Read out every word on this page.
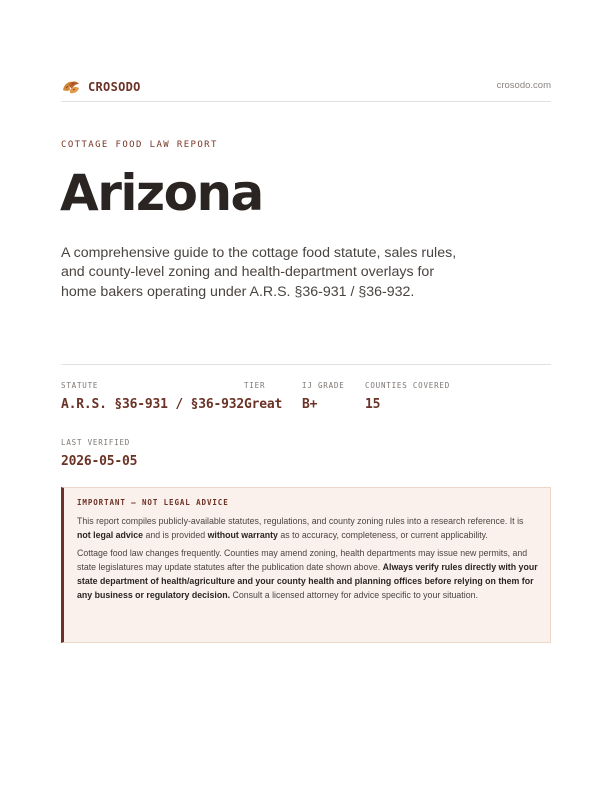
CROSODO	crosodo.com
COTTAGE FOOD LAW REPORT
Arizona
A comprehensive guide to the cottage food statute, sales rules, and county-level zoning and health-department overlays for home bakers operating under A.R.S. §36-931 / §36-932.
STATUTE
A.R.S. §36-931 / §36-932
TIER
Great
IJ GRADE
B+
COUNTIES COVERED
15
LAST VERIFIED
2026-05-05
IMPORTANT — NOT LEGAL ADVICE

This report compiles publicly-available statutes, regulations, and county zoning rules into a research reference. It is not legal advice and is provided without warranty as to accuracy, completeness, or current applicability.

Cottage food law changes frequently. Counties may amend zoning, health departments may issue new permits, and state legislatures may update statutes after the publication date shown above. Always verify rules directly with your state department of health/agriculture and your county health and planning offices before relying on them for any business or regulatory decision. Consult a licensed attorney for advice specific to your situation.
